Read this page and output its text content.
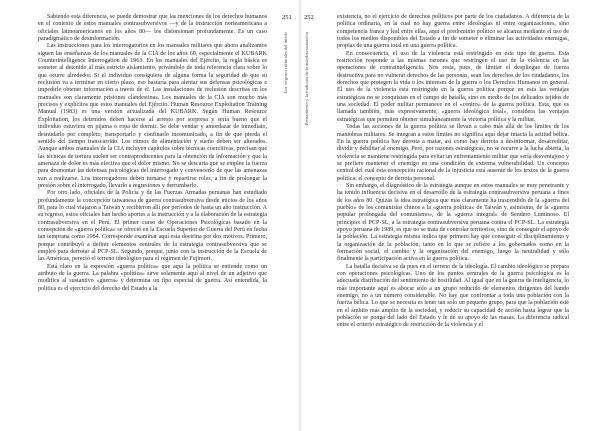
Sabiendo esta diferencia, se puede demostrar que las menciones de los derechos humanos en el contexto de estos manuales contrasubversivos —y de la instrucción norteamericana a oficiales latinoamericanos en los años 80— los distorsionan profundamente. Es un caso paradigmático de desinformación.

Las instrucciones para los interrogatorios en los manuales militares que ahora analizamos siguen las enseñanzas de los manuales de la CIA de los años 60, especialmente el KUBARK Counterintelligence Interrogation de 1963. En los manuales del Ejército, la regla básica es someter al detenido al más estricto aislamiento, privándolo de toda referencia clara sobre lo que ocurre alrededor. Si el individuo consiguiera de alguna forma la seguridad de que su reclusión va a terminar en cierto plazo, eso bastaría para alentar sus defensas psicológicas e impedirle obtener información a través de él. Las instalaciones de reclusión descritas en los manuales son claramente prisiones clandestinas. Los manuales de la CIA son mucho más precisos y explícitos que estos manuales del Ejército. Human Resource Exploitation Training Manual (1983) es una versión actualizada del KUBARK. Según Human Resource Exploitation, los detenidos deben hacerse al arresto por sorpresa y sería bueno que el individuo estuviera en pijama o ropa de dormir. Se debe vendar y amordazar de inmediato, desnudarlo por completo, transportarlo y confinarlo incomunicado, a fin de que pierda el sentido del tiempo transcurrido. Los ritmos de alimentación y sueño deben ser alterados. Aunque ambos manuales de la CIA incluyen capítulos sobre técnicas coercitivas, precisan que las técnicas de tortura suelen ser contraproducentes para la obtención de información y que la amenaza de dolor es más efectiva que el dolor mismo. No se descarta que se emplee la fuerza para desmontar las defensas psicológicas del interrogado y convencerlo de que las amenazas van a realizarse. Los interrogadores deben turnarse y repartirse roles, a fin de prolongar la presión sobre el interrogado, llevarlo a regresiones y derrumbarlo.

Por otro lado, oficiales de la Policía y de las Fuerzas Armadas peruanas han estudiado profundamente la concepción taiwanesa de guerra contrasubversiva desde inicios de los años 80, para lo cual viajaron a Taiwán y recibieron allí por períodos de hasta un año instrucción. A su regreso, estos oficiales han hecho aportes a la instrucción y a la elaboración de la estrategia contrasubversiva en el Perú. El primer curso de Operaciones Psicológicas basado en la concepción de «guerra política» se ofreció en la Escuela Superior de Guerra del Perú en fecha tan temprana como 1984. Corresponde examinar aquí esta doctrina por dos motivos. Primero, porque contribuyó a definir elementos centrales de la estrategia contrasubversiva que se empleó para derrotar al PCP-SL. Segundo, porque, junto con la instrucción de la Escuela de las Américas, pereció el terreno ideológico para el régimen de Fujimori.

Está claro en la expresión «guerra política» que aquí la política se entiende como un atributo de la guerra. La palabra «política» sirve solamente aquí al nivel de un adjetivo que modifica al sustantivo «guerra» y determina un tipo especial de guerra. Así entendida, la política es el ejercicio del derecho del Estado a la

251
Los orígenes culturales del miedo
252
Pensamiento y la tradición de la autodeterminación

existencia, no el ejercicio de derechos políticos por parte de los ciudadanos. A diferencia de la política ordinaria, en la cual no hay guerra entre ideologías ni entre organizaciones, sino competencia franca y leal entre ellas, aquí el predominio político se alcanza mediante el uso de todos los medios disponibles del Estado a fin de someter o eliminar las actividades enemigas, propias de una guerra total en una guerra política.

En consecuencia, el uso de la violencia está restringido en este tipo de guerra. Esta restricción responde a las mismas razones que restringen el uso de la violencia en las operaciones de contrainteligencia. Nos resta, pues, de limitar el despliegue de fuerza destructiva para no vulnerar derechos de las personas, sean los derechos de los ciudadanos, los derechos que protegen la vida o los intereses de la guerra o los Derechos Humanos en general. El uso de la violencia está restringido en la guerra política porque en esta las ventajas estratégicas no se conquistan en el campo de batalla, sino en medio de los delicados tejidos de una sociedad. El poder militar permanece en el «centro» de la guerra política. Esta, que es llamada también, más expresivamente, «guerra ideológica total», considera las ventajas estratégicas que permiten obtener simultáneamente la victoria política y la militar.

Todas las acciones de la guerra política se llevan a cabo más allá de los límites de los maniobras militares. Se integran a estos límites no significa aquí dejar intacta la actitud bélica. En la guerra política hay derrota a matar, así como hay derrota a desinformar, desacreditar, dividir y debilitar al enemigo. Pero, por razones estratégicas, no se recurre a la lucha abierta, la violencia se mantiene restringida para evitar un enfrentamiento militar que sería desventajoso y se prefiere mantener el enemigo en una condición de extrema vulnerabilidad. Un concepto central del cual esta concepción racional de la injusticia está ausente de los textos de la guerra política: el concepto de derrota personal.

Sin embargo, el diagnóstico de la estrategia aunque en estos manuales se muy penetrante y ha tenido influencia decisiva en el desarrollo de la estrategia contrasubversiva peruana a fines de los años 80. Quizás la idea estratégica que más claramente ha trascendido de la «guerra del pueblo» de los comunistas chinos a la «guerra política» de Taiwán y, asimismo, de la «guerra popular prolongada del comunismo», de la «guerra integral» de Sendero Luminoso. El principio: el PCP-SL, a la estrategia contrasubversiva peruana contra el PCP-SL. La estrategia apoyo peruana de 1989, es que no se trata de controlar territorios, sino de conseguir el apoyo de la población. La estrategia misma indica que primero hay que conseguir el disciplinamiento y la organización de la población, tanto en lo que se refiere a los gobernados como en la formación social, el cambio y la organización del enemigo, luego la neutralidad y sólo finalmente la participación activa en la guerra política.

La batalla decisiva se da pues en el terreno de la ideología. El cambio ideológico se prepara con operaciones psicológicas. Uno de los puntos centrales de la guerra psicológica es la adecuada distribución del sentimiento de hostilidad. Al igual que en la guerra de inteligencia, lo más importante aquí es abocar sólo a un grupo reducido de elementos dirigentes del bando enemigo, no a un número considerable. No hay que confrontar a toda una población con la fuerza bélica. Lo que se necesita es tener tan solo un pequeño grupo, para que la población esté en el ámbito más amplio de la sociedad, y reducir su capacidad de acción hasta lograr que la población se ponga del lado del Estado y le dé su apoyo de las masas. La diferencia radical entre el criterio estratégico de restricción de la violencia y el
